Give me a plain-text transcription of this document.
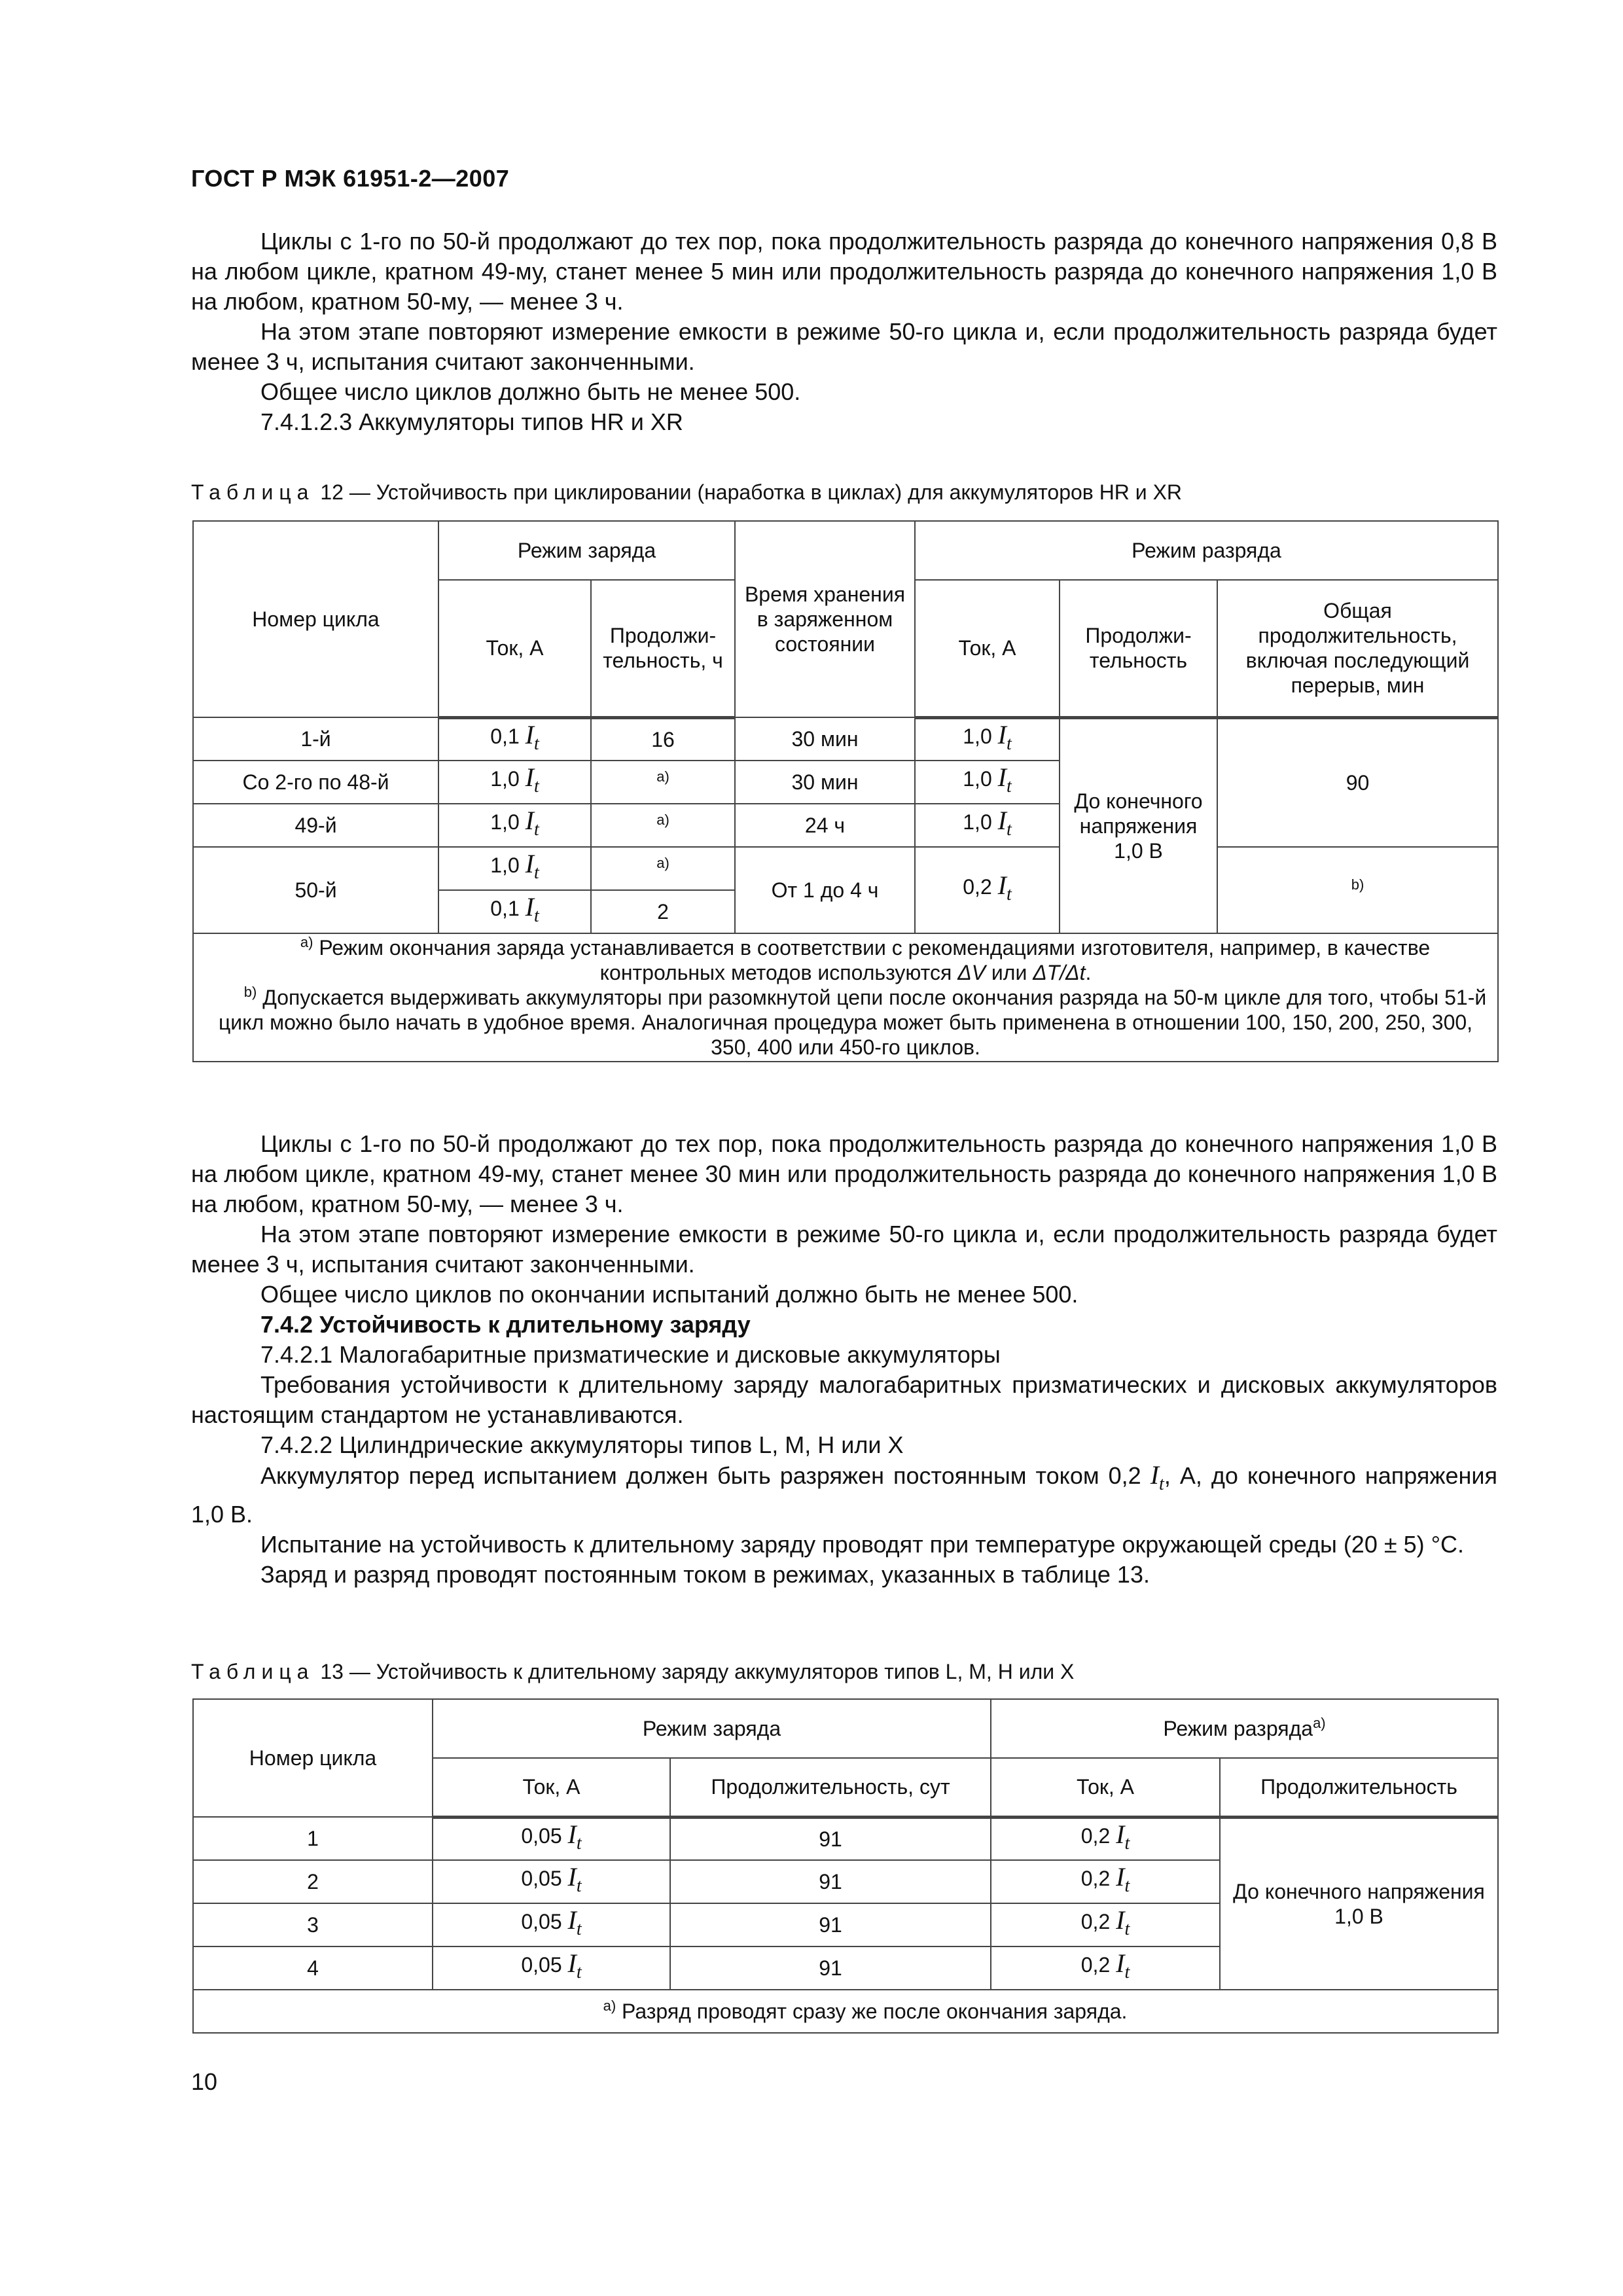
ГОСТ Р МЭК 61951-2—2007

Циклы с 1-го по 50-й продолжают до тех пор, пока продолжительность разряда до конечного напряжения 0,8 В на любом цикле, кратном 49-му, станет менее 5 мин или продолжительность разряда до конечного напряжения 1,0 В на любом, кратном 50-му, — менее 3 ч.

На этом этапе повторяют измерение емкости в режиме 50-го цикла и, если продолжительность разряда будет менее 3 ч, испытания считают законченными.

Общее число циклов должно быть не менее 500.

7.4.1.2.3 Аккумуляторы типов HR и XR

Таблица 12 — Устойчивость при циклировании (наработка в циклах) для аккумуляторов HR и XR
Номер цикла	Режим заряда		Время хранения в заряженном состоянии	Режим разряда		
	Ток, А	Продолжи-тельность, ч		Ток, А	Продолжи-тельность	Общая продолжительность, включая последующий перерыв, мин
1-й	0,1 It	16	30 мин	1,0 It	До конечного напряжения 1,0 В	90
Со 2-го по 48-й	1,0 It	$^{a)}$	30 мин	1,0 It		
49-й	1,0 It	$^{a)}$	24 ч	1,0 It		
50-й	1,0 It	$^{a)}$	От 1 до 4 ч	0,2 It		$^{b)}$
	0,1 It	2				

$^{a)}$ Режим окончания заряда устанавливается в соответствии с рекомендациями изготовителя, например, в качестве контрольных методов используются ΔV или ΔT/Δt.

$^{b)}$ Допускается выдерживать аккумуляторы при разомкнутой цепи после окончания разряда на 50-м цикле для того, чтобы 51-й цикл можно было начать в удобное время. Аналогичная процедура может быть применена в отношении 100, 150, 200, 250, 300, 350, 400 или 450-го циклов.						

Циклы с 1-го по 50-й продолжают до тех пор, пока продолжительность разряда до конечного напряжения 1,0 В на любом цикле, кратном 49-му, станет менее 30 мин или продолжительность разряда до конечного напряжения 1,0 В на любом, кратном 50-му, — менее 3 ч.

На этом этапе повторяют измерение емкости в режиме 50-го цикла и, если продолжительность разряда будет менее 3 ч, испытания считают законченными.

Общее число циклов по окончании испытаний должно быть не менее 500.

7.4.2 Устойчивость к длительному заряду

7.4.2.1 Малогабаритные призматические и дисковые аккумуляторы

Требования устойчивости к длительному заряду малогабаритных призматических и дисковых аккумуляторов настоящим стандартом не устанавливаются.

7.4.2.2 Цилиндрические аккумуляторы типов L, M, H или X

Аккумулятор перед испытанием должен быть разряжен постоянным током 0,2 $I_t$, А, до конечного напряжения 1,0 В.

Испытание на устойчивость к длительному заряду проводят при температуре окружающей среды (20 ± 5) °С.

Заряд и разряд проводят постоянным током в режимах, указанных в таблице 13.

Таблица 13 — Устойчивость к длительному заряду аккумуляторов типов L, M, H или X
Номер цикла	Режим заряда		Режим разряда$^{a)}$
	Ток, А	Продолжительность, сут	Ток, А	Продолжительность
1	0,05 It	91	0,2 It	До конечного напряжения 1,0 В
2	0,05 It	91	0,2 It	
3	0,05 It	91	0,2 It	
4	0,05 It	91	0,2 It	

$^{a)}$ Разряд проводят сразу же после окончания заряда.				

10
